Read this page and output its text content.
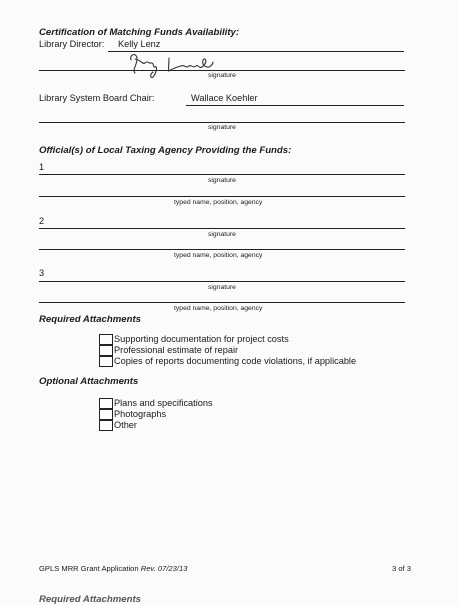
Certification of Matching Funds Availability:
Library Director: Kelly Lenz
signature
Library System Board Chair:	Wallace Koehler
signature
Official(s) of Local Taxing Agency Providing the Funds:
1
signature
typed name, position, agency
2
signature
typed name, position, agency
3
signature
typed name, position, agency
Required Attachments
Supporting documentation for project costs
Professional estimate of repair
Copies of reports documenting code violations, if applicable
Optional Attachments
Plans and specifications
Photographs
Other
GPLS MRR Grant Application Rev. 07/23/13	3 of 3
Required Attachments
